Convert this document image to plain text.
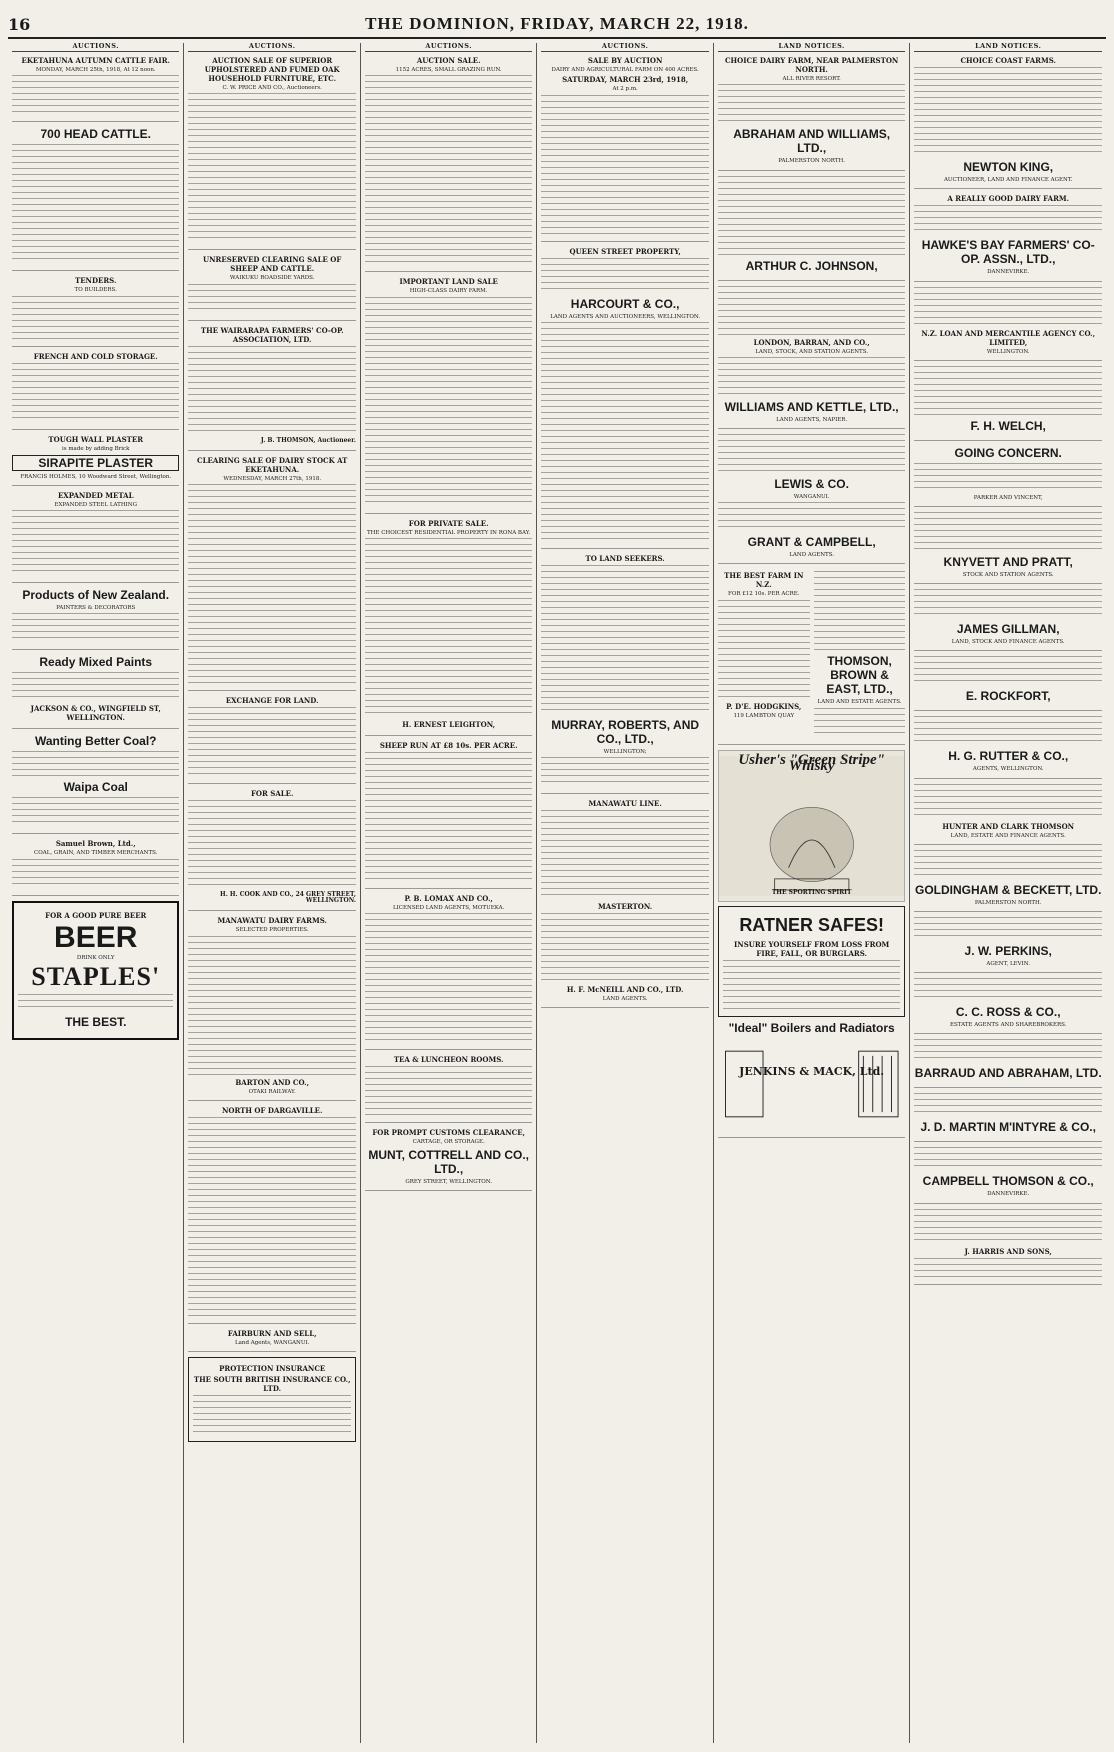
16	THE DOMINION, FRIDAY, MARCH 22, 1918.
AUCTIONS.
EKETAHUNA AUTUMN CATTLE FAIR.
MONDAY, MARCH 25th, 1918, At 12 noon.
700 HEAD CATTLE.
TENDERS.
TO BUILDERS.
FRENCH AND COLD STORAGE.
TOUGH WALL PLASTER
is made by adding Brick
SIRAPITE PLASTER
FRANCIS HOLMES, 10 Woodward Street, Wellington.
EXPANDED METAL
EXPANDED STEEL LATHING
Products of New Zealand.
PAINTERS & DECORATORS
Ready Mixed Paints
JACKSON & CO., WINGFIELD ST, WELLINGTON.
Wanting Better Coal?
Waipa Coal
Samuel Brown, Ltd.,
COAL, GRAIN, AND TIMBER MERCHANTS.
FOR A GOOD PURE BEER
BEER
DRINK ONLY
STAPLES'
THE BEST.
AUCTIONS.
AUCTION SALE OF SUPERIOR UPHOLSTERED AND FUMED OAK HOUSEHOLD FURNITURE, ETC.
C. W. PRICE AND CO., Auctioneers.
UNRESERVED CLEARING SALE OF SHEEP AND CATTLE.
WAIKUKU ROADSIDE YARDS.
THE WAIRARAPA FARMERS' CO-OP. ASSOCIATION, LTD.
J. B. THOMSON, Auctioneer.
CLEARING SALE OF DAIRY STOCK AT EKETAHUNA.
WEDNESDAY, MARCH 27th, 1918.
EXCHANGE FOR LAND.
FOR SALE.
H. H. COOK AND CO., 24 GREY STREET, WELLINGTON.
MANAWATU DAIRY FARMS.
SELECTED PROPERTIES.
BARTON AND CO.,
OTAKI RAILWAY.
NORTH OF DARGAVILLE.
FAIRBURN AND SELL,
Land Agents, WANGANUI.
PROTECTION INSURANCE
THE SOUTH BRITISH INSURANCE CO., LTD.
AUCTIONS.
AUCTION SALE.
1152 ACRES, SMALL GRAZING RUN.
IMPORTANT LAND SALE
HIGH-CLASS DAIRY FARM.
FOR PRIVATE SALE.
THE CHOICEST RESIDENTIAL PROPERTY IN RONA BAY.
H. ERNEST LEIGHTON,
SHEEP RUN AT £8 10s. PER ACRE.
P. B. LOMAX AND CO.,
LICENSED LAND AGENTS, MOTUEKA.
TEA & LUNCHEON ROOMS.
FOR PROMPT CUSTOMS CLEARANCE,
CARTAGE, OR STORAGE.
MUNT, COTTRELL AND CO., LTD.,
GREY STREET, WELLINGTON.
AUCTIONS.
SALE BY AUCTION
DAIRY AND AGRICULTURAL FARM ON 400 ACRES.
SATURDAY, MARCH 23rd, 1918,
At 2 p.m.
QUEEN STREET PROPERTY,
HARCOURT & CO.,
LAND AGENTS AND AUCTIONEERS, WELLINGTON.
TO LAND SEEKERS.
MURRAY, ROBERTS, AND CO., LTD.,
WELLINGTON;
MANAWATU LINE.
MASTERTON.
H. F. McNEILL AND CO., LTD.
LAND AGENTS.
LAND NOTICES.
CHOICE DAIRY FARM, NEAR PALMERSTON NORTH.
ALL RIVER RESORT.
ABRAHAM AND WILLIAMS, LTD.,
PALMERSTON NORTH.
ARTHUR C. JOHNSON,
LONDON, BARRAN, AND CO.,
LAND, STOCK, AND STATION AGENTS.
WILLIAMS AND KETTLE, LTD.,
LAND AGENTS, NAPIER.
LEWIS & CO.
WANGANUI.
GRANT & CAMPBELL,
LAND AGENTS.
THE BEST FARM IN N.Z.
FOR £12 10s. PER ACRE.
P. D'E. HODGKINS,
119 LAMBTON QUAY
THOMSON, BROWN & EAST, LTD.,
LAND AND ESTATE AGENTS.
Usher's "Green Stripe" Whisky
THE SPORTING SPIRIT
RATNER SAFES!
INSURE YOURSELF FROM LOSS FROM FIRE, FALL, OR BURGLARS.
"Ideal" Boilers and Radiators
JENKINS & MACK, Ltd.
LAND NOTICES.
CHOICE COAST FARMS.
NEWTON KING,
AUCTIONEER, LAND AND FINANCE AGENT.
A REALLY GOOD DAIRY FARM.
HAWKE'S BAY FARMERS' CO-OP. ASSN., LTD.,
DANNEVIRKE.
N.Z. LOAN AND MERCANTILE AGENCY CO., LIMITED,
WELLINGTON.
F. H. WELCH,
GOING CONCERN.
PARKER AND VINCENT,
KNYVETT AND PRATT,
STOCK AND STATION AGENTS.
JAMES GILLMAN,
LAND, STOCK AND FINANCE AGENTS.
E. ROCKFORT,
H. G. RUTTER & CO.,
AGENTS, WELLINGTON.
HUNTER AND CLARK THOMSON
LAND, ESTATE AND FINANCE AGENTS.
GOLDINGHAM & BECKETT, LTD.
PALMERSTON NORTH.
J. W. PERKINS,
AGENT, LEVIN.
C. C. ROSS & CO.,
ESTATE AGENTS AND SHAREBROKERS.
BARRAUD AND ABRAHAM, LTD.
J. D. MARTIN M'INTYRE & CO.,
CAMPBELL THOMSON & CO.,
DANNEVIRKE.
J. HARRIS AND SONS,
